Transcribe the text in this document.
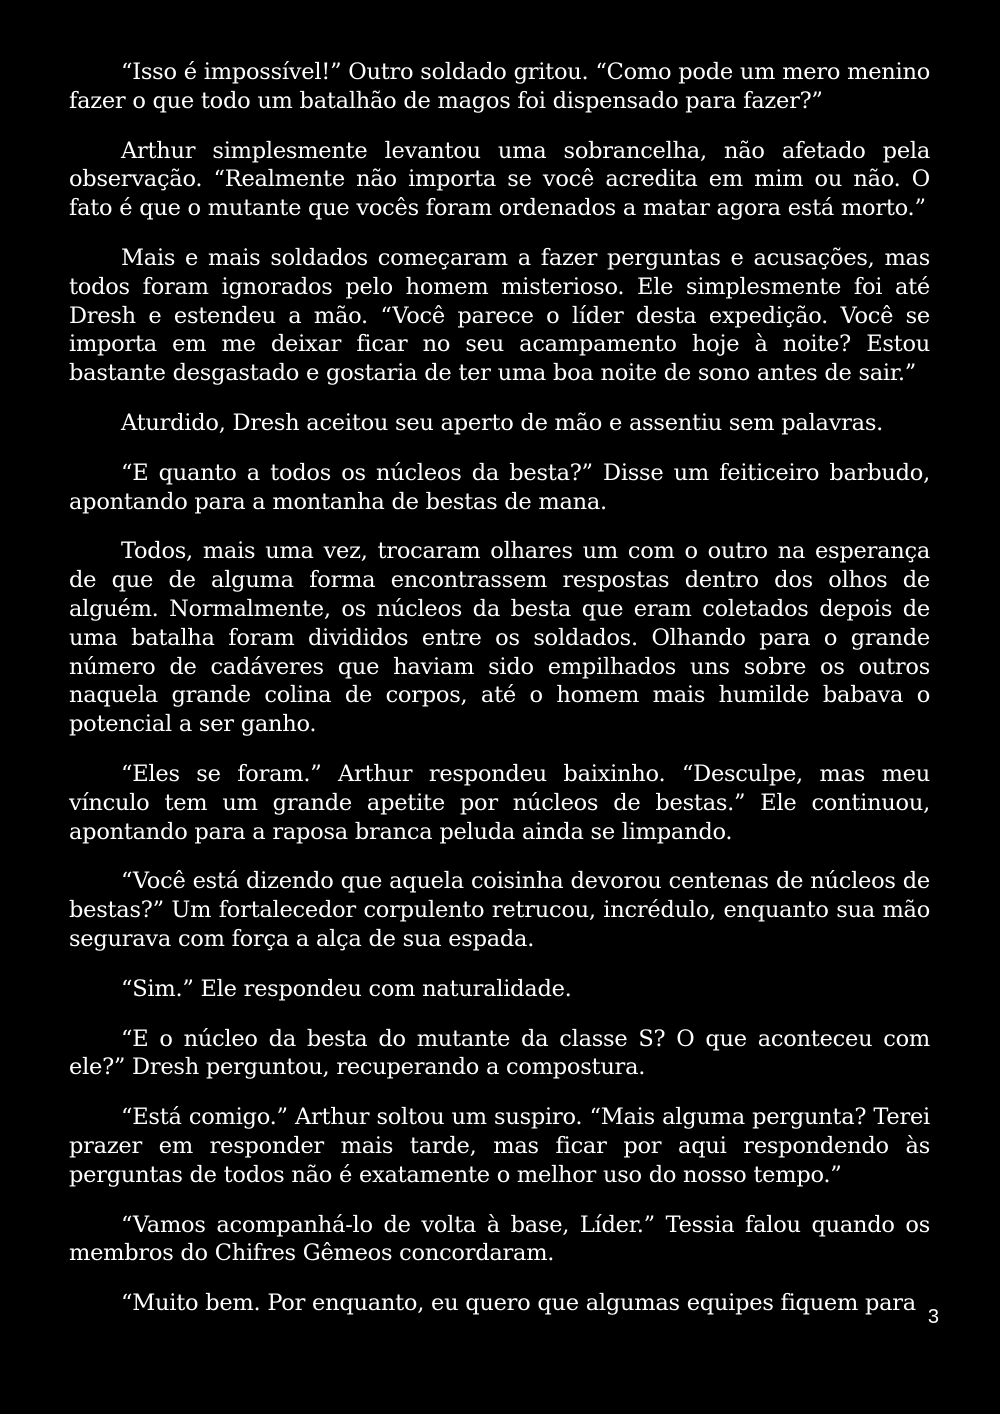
“Isso é impossível!” Outro soldado gritou. “Como pode um mero menino fazer o que todo um batalhão de magos foi dispensado para fazer?”

Arthur simplesmente levantou uma sobrancelha, não afetado pela observação. “Realmente não importa se você acredita em mim ou não. O fato é que o mutante que vocês foram ordenados a matar agora está morto.”

Mais e mais soldados começaram a fazer perguntas e acusações, mas todos foram ignorados pelo homem misterioso. Ele simplesmente foi até Dresh e estendeu a mão. “Você parece o líder desta expedição. Você se importa em me deixar ficar no seu acampamento hoje à noite? Estou bastante desgastado e gostaria de ter uma boa noite de sono antes de sair.”

Aturdido, Dresh aceitou seu aperto de mão e assentiu sem palavras.

“E quanto a todos os núcleos da besta?” Disse um feiticeiro barbudo, apontando para a montanha de bestas de mana.

Todos, mais uma vez, trocaram olhares um com o outro na esperança de que de alguma forma encontrassem respostas dentro dos olhos de alguém. Normalmente, os núcleos da besta que eram coletados depois de uma batalha foram divididos entre os soldados. Olhando para o grande número de cadáveres que haviam sido empilhados uns sobre os outros naquela grande colina de corpos, até o homem mais humilde babava o potencial a ser ganho.

“Eles se foram.” Arthur respondeu baixinho. “Desculpe, mas meu vínculo tem um grande apetite por núcleos de bestas.” Ele continuou, apontando para a raposa branca peluda ainda se limpando.

“Você está dizendo que aquela coisinha devorou centenas de núcleos de bestas?” Um fortalecedor corpulento retrucou, incrédulo, enquanto sua mão segurava com força a alça de sua espada.

“Sim.” Ele respondeu com naturalidade.

“E o núcleo da besta do mutante da classe S? O que aconteceu com ele?” Dresh perguntou, recuperando a compostura.

“Está comigo.” Arthur soltou um suspiro. “Mais alguma pergunta? Terei prazer em responder mais tarde, mas ficar por aqui respondendo às perguntas de todos não é exatamente o melhor uso do nosso tempo.”

“Vamos acompanhá-lo de volta à base, Líder.” Tessia falou quando os membros do Chifres Gêmeos concordaram.

“Muito bem. Por enquanto, eu quero que algumas equipes fiquem para

3
